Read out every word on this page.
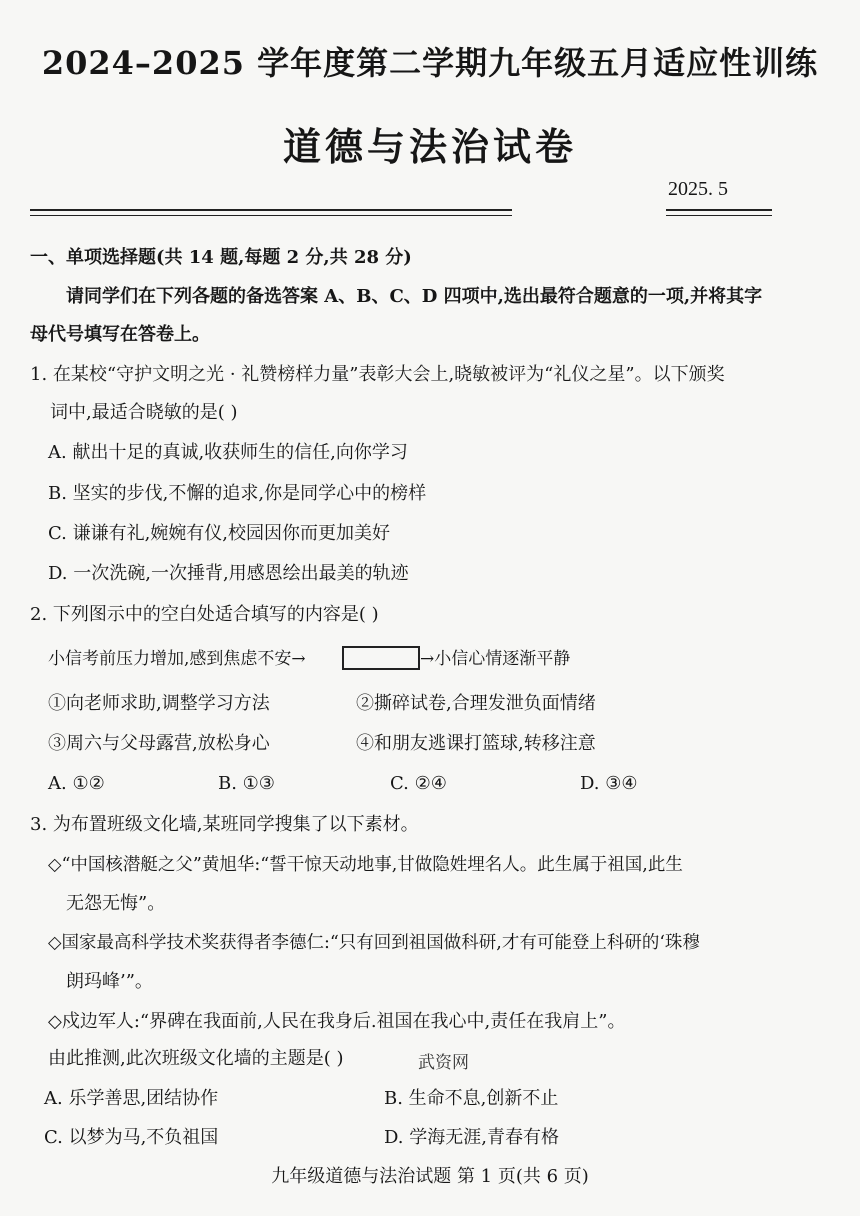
2024–2025 学年度第二学期九年级五月适应性训练
道德与法治试卷
2025. 5
一、单项选择题(共 14 题,每题 2 分,共 28 分)
请同学们在下列各题的备选答案 A、B、C、D 四项中,选出最符合题意的一项,并将其字
母代号填写在答卷上。
1. 在某校“守护文明之光 · 礼赞榜样力量”表彰大会上,晓敏被评为“礼仪之星”。以下颁奖
词中,最适合晓敏的是( )
A. 献出十足的真诚,收获师生的信任,向你学习
B. 坚实的步伐,不懈的追求,你是同学心中的榜样
C. 谦谦有礼,婉婉有仪,校园因你而更加美好
D. 一次洗碗,一次捶背,用感恩绘出最美的轨迹
2. 下列图示中的空白处适合填写的内容是( )
小信考前压力增加,感到焦虑不安→	→小信心情逐渐平静
①向老师求助,调整学习方法	②撕碎试卷,合理发泄负面情绪
③周六与父母露营,放松身心	④和朋友逃课打篮球,转移注意
A. ①②	B. ①③	C. ②④	D. ③④
3. 为布置班级文化墙,某班同学搜集了以下素材。
◇“中国核潜艇之父”黄旭华:“誓干惊天动地事,甘做隐姓埋名人。此生属于祖国,此生
无怨无悔”。
◇国家最高科学技术奖获得者李德仁:“只有回到祖国做科研,才有可能登上科研的‘珠穆
朗玛峰’”。
◇戍边军人:“界碑在我面前,人民在我身后.祖国在我心中,责任在我肩上”。
由此推测,此次班级文化墙的主题是( )	武资网
A. 乐学善思,团结协作	B. 生命不息,创新不止
C. 以梦为马,不负祖国	D. 学海无涯,青春有格
九年级道德与法治试题 第 1 页(共 6 页)
